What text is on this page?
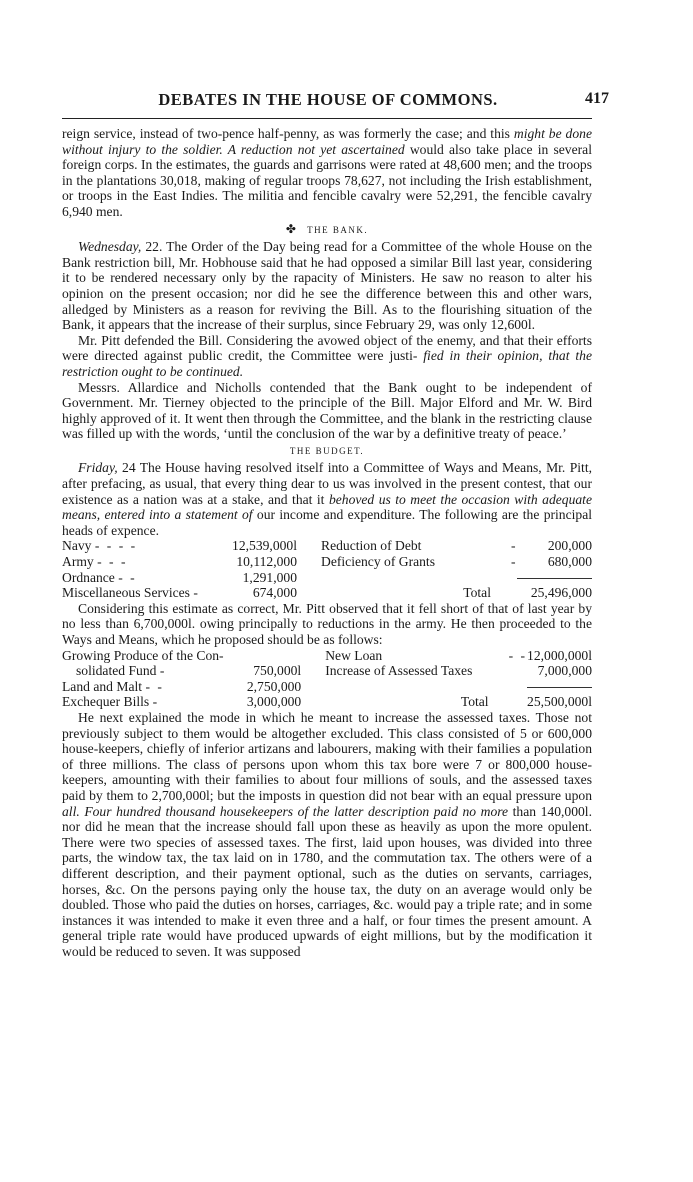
DEBATES IN THE HOUSE OF COMMONS.	417

reign service, instead of two-pence half-penny, as was formerly the case; and this might be done without injury to the soldier. A reduction not yet ascertained would also take place in several foreign corps. In the estimates, the guards and garrisons were rated at 48,600 men; and the troops in the plantations 30,018, making of regular troops 78,627, not including the Irish establishment, or troops in the East Indies. The militia and fencible cavalry were 52,291, the fencible cavalry 6,940 men.

✤ THE BANK.

Wednesday, 22. The Order of the Day being read for a Committee of the whole House on the Bank restriction bill, Mr. Hobhouse said that he had opposed a similar Bill last year, considering it to be rendered necessary only by the rapacity of Ministers. He saw no reason to alter his opinion on the present occasion; nor did he see the difference between this and other wars, alledged by Ministers as a reason for reviving the Bill. As to the flourishing situation of the Bank, it appears that the increase of their surplus, since February 29, was only 12,600l.

Mr. Pitt defended the Bill. Considering the avowed object of the enemy, and that their efforts were directed against public credit, the Committee were justi- fied in their opinion, that the restriction ought to be continued.

Messrs. Allardice and Nicholls contended that the Bank ought to be independent of Government. Mr. Tierney objected to the principle of the Bill. Major Elford and Mr. W. Bird highly approved of it. It went then through the Committee, and the blank in the restricting clause was filled up with the words, ‘until the conclusion of the war by a definitive treaty of peace.’

THE BUDGET.

Friday, 24 The House having resolved itself into a Committee of Ways and Means, Mr. Pitt, after prefacing, as usual, that every thing dear to us was involved in the present contest, that our existence as a nation was at a stake, and that it behoved us to meet the occasion with adequate means, entered into a statement of our income and expenditure. The following are the principal heads of expence.

Navy - - - -	12,539,000l	Reduction of Debt	-	200,000
Army - - -	10,112,000	Deficiency of Grants	-	680,000
Ordnance - -	1,291,000			

Miscellaneous Services -	674,000	Total		25,496,000

Considering this estimate as correct, Mr. Pitt observed that it fell short of that of last year by no less than 6,700,000l. owing principally to reductions in the army. He then proceeded to the Ways and Means, which he proposed should be as follows:

Growing Produce of the Con-		New Loan	- -	12,000,000l
solidated Fund -	750,000l	Increase of Assessed Taxes		7,000,000
Land and Malt - -	2,750,000			

Exchequer Bills -	3,000,000	Total		25,500,000l

He next explained the mode in which he meant to increase the assessed taxes. Those not previously subject to them would be altogether excluded. This class consisted of 5 or 600,000 house-keepers, chiefly of inferior artizans and labourers, making with their families a population of three millions. The class of persons upon whom this tax bore were 7 or 800,000 house-keepers, amounting with their families to about four millions of souls, and the assessed taxes paid by them to 2,700,000l; but the imposts in question did not bear with an equal pressure upon all. Four hundred thousand housekeepers of the latter description paid no more than 140,000l. nor did he mean that the increase should fall upon these as heavily as upon the more opulent. There were two species of assessed taxes. The first, laid upon houses, was divided into three parts, the window tax, the tax laid on in 1780, and the commutation tax. The others were of a different description, and their payment optional, such as the duties on servants, carriages, horses, &c. On the persons paying only the house tax, the duty on an average would only be doubled. Those who paid the duties on horses, carriages, &c. would pay a triple rate; and in some instances it was intended to make it even three and a half, or four times the present amount. A general triple rate would have produced upwards of eight millions, but by the modification it would be reduced to seven. It was supposed
